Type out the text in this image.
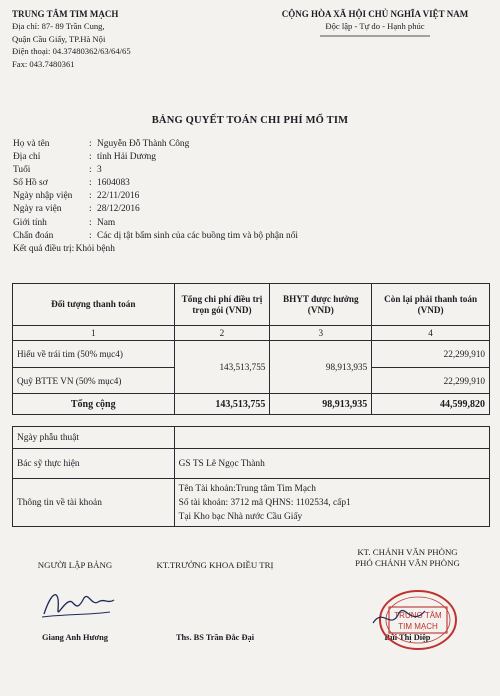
TRUNG TÂM TIM MẠCH
Địa chỉ: 87- 89 Trần Cung,
Quận Cầu Giấy, TP.Hà Nội
Điện thoại: 04.37480362/63/64/65
Fax: 043.7480361
CỘNG HÒA XÃ HỘI CHỦ NGHĨA VIỆT NAM
Độc lập - Tự do - Hạnh phúc
BẢNG QUYẾT TOÁN CHI PHÍ MỔ TIM
Họ và tên	: Nguyễn Đỗ Thành Công
Địa chỉ	: tỉnh Hải Dương
Tuổi	: 3
Số Hồ sơ	: 1604083
Ngày nhập viện	: 22/11/2016
Ngày ra viện	: 28/12/2016
Giới tính	: Nam
Chẩn đoán	: Các dị tật bẩm sinh của các buồng tim và bộ phận nối
Kết quả điều trị : Khỏi bệnh
Đối tượng thanh toán	Tổng chi phí điều trị trọn gói (VND)	BHYT được hưởng (VND)	Còn lại phải thanh toán (VND)
1	2	3	4
Hiếu về trái tim (50% mục4)	143,513,755	98,913,935	22,299,910
Quỹ BTTE VN (50% mục4)			22,299,910
Tổng cộng	143,513,755	98,913,935	44,599,820
Ngày phẫu thuật	
Bác sỹ thực hiện	GS TS Lê Ngọc Thành
Thông tin về tài khoản	Tên Tài khoản:Trung tâm Tim Mạch
Số tài khoản: 3712 mã QHNS: 1102534, cấp1
Tại Kho bạc Nhà nước Cầu Giấy
NGƯỜI LẬP BẢNG
Giang Anh Hương
KT.TRƯỞNG KHOA ĐIỀU TRỊ
Ths. BS Trần Đắc Đại
KT. CHÁNH VĂN PHÒNG
PHÓ CHÁNH VĂN PHÒNG
Bùi Thị Diệp
TRUNG TÂM
TIM MẠCH
